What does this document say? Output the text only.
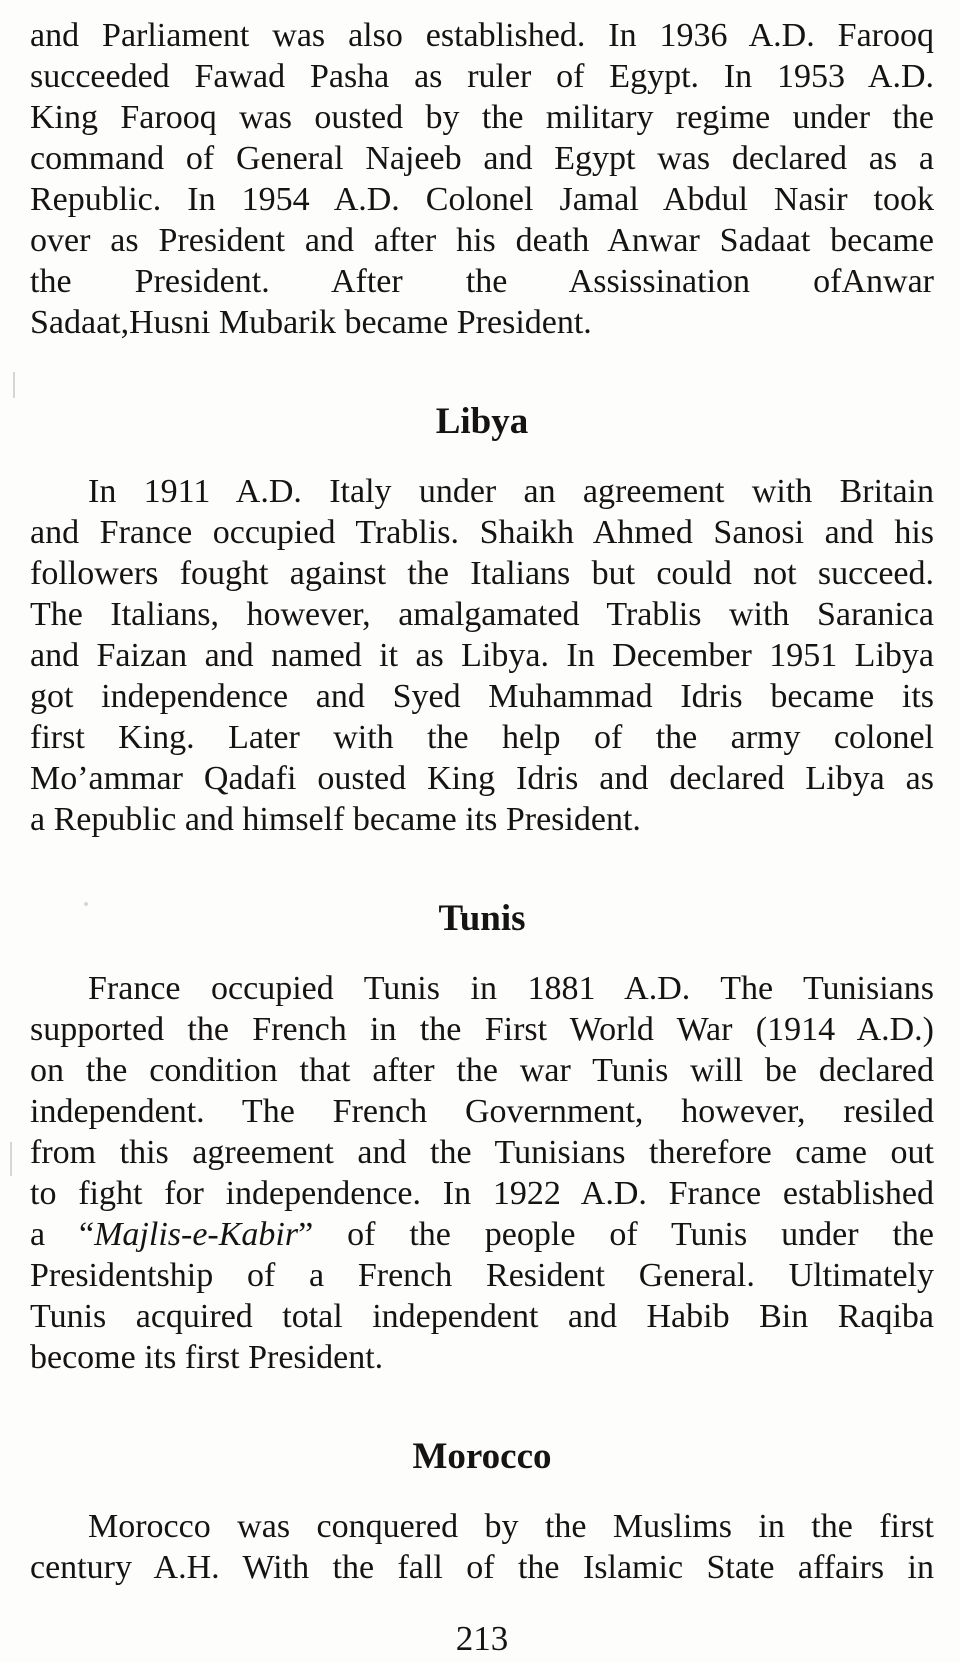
and Parliament was also established. In 1936 A.D. Farooq
succeeded Fawad Pasha as ruler of Egypt. In 1953 A.D.
King Farooq was ousted by the military regime under the
command of General Najeeb and Egypt was declared as a
Republic. In 1954 A.D. Colonel Jamal Abdul Nasir took
over as President and after his death Anwar Sadaat became
the President. After the Assissination ofAnwar
Sadaat,Husni Mubarik became President.
Libya
In 1911 A.D. Italy under an agreement with Britain
and France occupied Trablis. Shaikh Ahmed Sanosi and his
followers fought against the Italians but could not succeed.
The Italians, however, amalgamated Trablis with Saranica
and Faizan and named it as Libya. In December 1951 Libya
got independence and Syed Muhammad Idris became its
first King. Later with the help of the army colonel
Mo’ammar Qadafi ousted King Idris and declared Libya as
a Republic and himself became its President.
Tunis
France occupied Tunis in 1881 A.D. The Tunisians
supported the French in the First World War (1914 A.D.)
on the condition that after the war Tunis will be declared
independent. The French Government, however, resiled
from this agreement and the Tunisians therefore came out
to fight for independence. In 1922 A.D. France established
a “Majlis-e-Kabir” of the people of Tunis under the
Presidentship of a French Resident General. Ultimately
Tunis acquired total independent and Habib Bin Raqiba
become its first President.
Morocco
Morocco was conquered by the Muslims in the first
century A.H. With the fall of the Islamic State affairs in
213
